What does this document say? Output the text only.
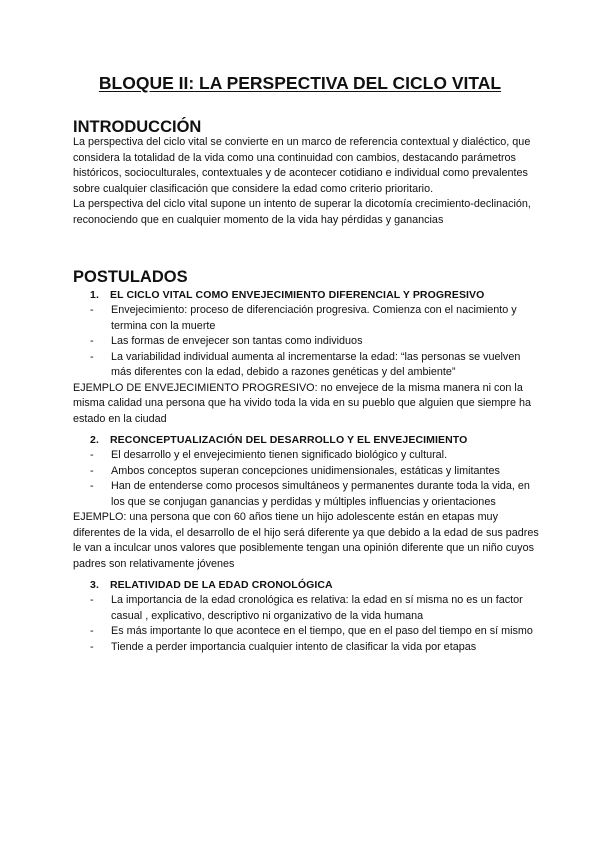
BLOQUE II: LA PERSPECTIVA DEL CICLO VITAL
INTRODUCCIÓN

La perspectiva del ciclo vital se convierte en un marco de referencia contextual y dialéctico, que considera la totalidad de la vida como una continuidad con cambios, destacando parámetros históricos, socioculturales, contextuales y de acontecer cotidiano e individual como prevalentes sobre cualquier clasificación que considere la edad como criterio prioritario.

La perspectiva del ciclo vital supone un intento de superar la dicotomía crecimiento-declinación, reconociendo que en cualquier momento de la vida hay pérdidas y ganancias

POSTULADOS
1. EL CICLO VITAL COMO ENVEJECIMIENTO DIFERENCIAL Y PROGRESIVO
- Envejecimiento: proceso de diferenciación progresiva. Comienza con el nacimiento y termina con la muerte
- Las formas de envejecer son tantas como individuos
- La variabilidad individual aumenta al incrementarse la edad: “las personas se vuelven más diferentes con la edad, debido a razones genéticas y del ambiente”

EJEMPLO DE ENVEJECIMIENTO PROGRESIVO: no envejece de la misma manera ni con la misma calidad una persona que ha vivido toda la vida en su pueblo que alguien que siempre ha estado en la ciudad

2. RECONCEPTUALIZACIÓN DEL DESARROLLO Y EL ENVEJECIMIENTO
- El desarrollo y el envejecimiento tienen significado biológico y cultural.
- Ambos conceptos superan concepciones unidimensionales, estáticas y limitantes
- Han de entenderse como procesos simultáneos y permanentes durante toda la vida, en los que se conjugan ganancias y perdidas y múltiples influencias y orientaciones

EJEMPLO: una persona que con 60 años tiene un hijo adolescente están en etapas muy diferentes de la vida, el desarrollo de el hijo será diferente ya que debido a la edad de sus padres le van a inculcar unos valores que posiblemente tengan una opinión diferente que un niño cuyos padres son relativamente jóvenes

3. RELATIVIDAD DE LA EDAD CRONOLÓGICA
- La importancia de la edad cronológica es relativa: la edad en sí misma no es un factor casual , explicativo, descriptivo ni organizativo de la vida humana
- Es más importante lo que acontece en el tiempo, que en el paso del tiempo en sí mismo
- Tiende a perder importancia cualquier intento de clasificar la vida por etapas
